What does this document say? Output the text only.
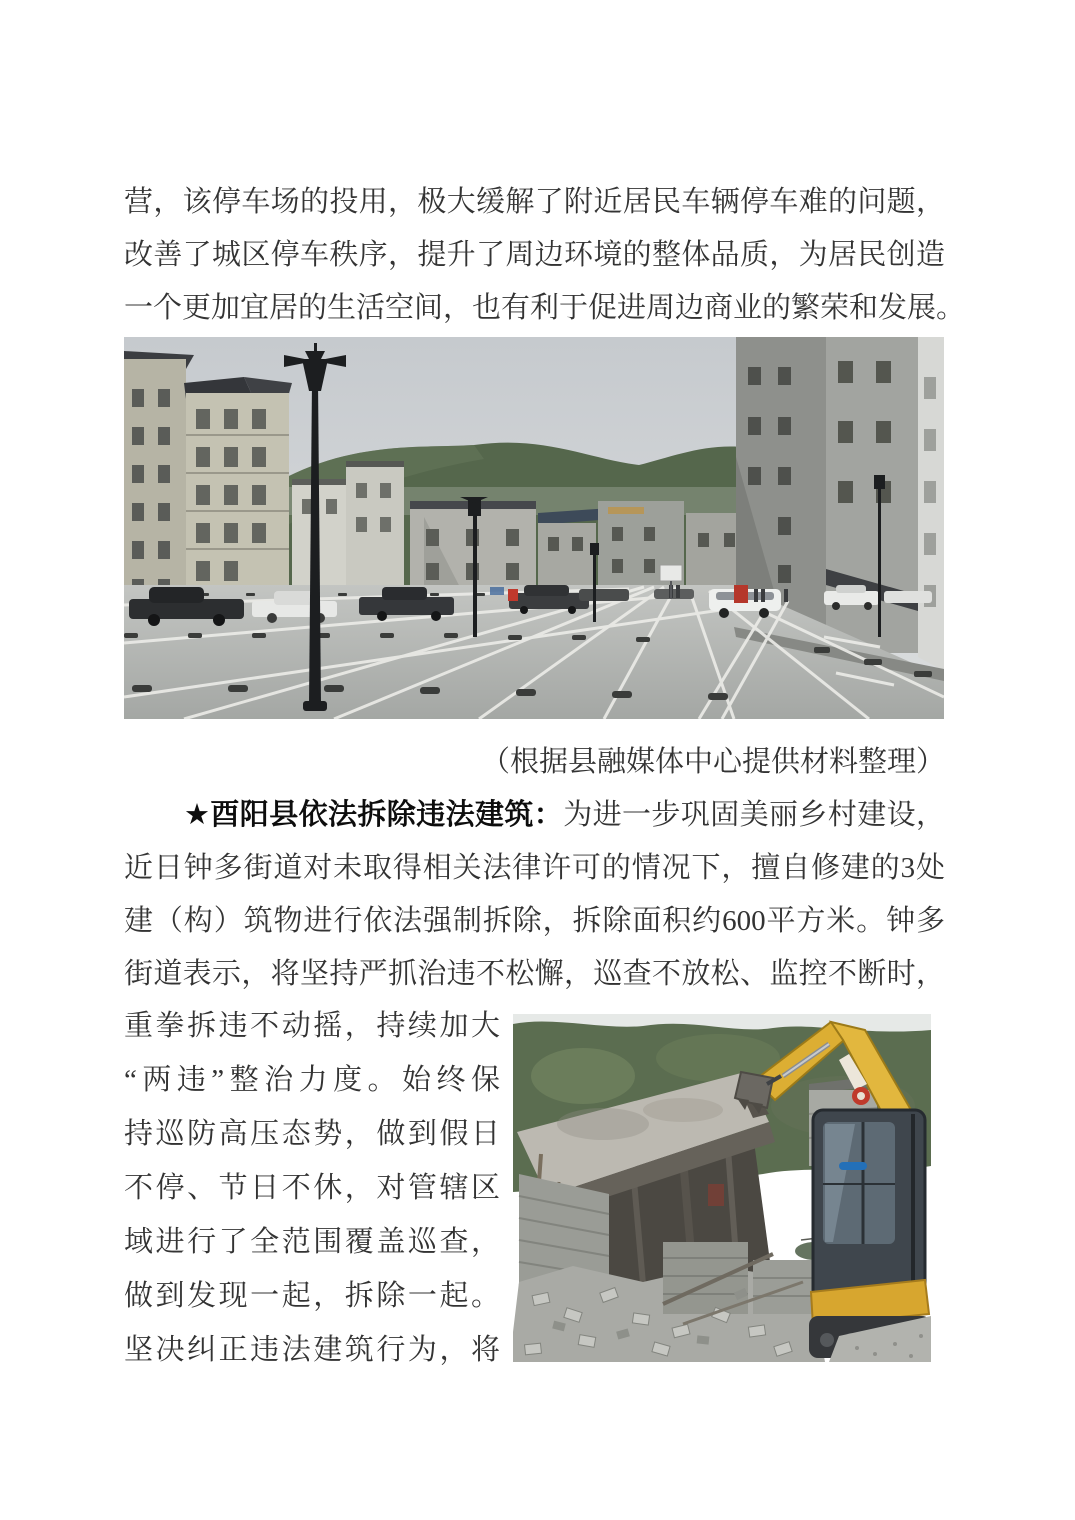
营，该停车场的投用，极大缓解了附近居民车辆停车难的问题，
改善了城区停车秩序，提升了周边环境的整体品质，为居民创造
一个更加宜居的生活空间，也有利于促进周边商业的繁荣和发展。
（根据县融媒体中心提供材料整理）
★酉阳县依法拆除违法建筑：为进一步巩固美丽乡村建设，
近日钟多街道对未取得相关法律许可的情况下，擅自修建的3处
建（构）筑物进行依法强制拆除，拆除面积约600平方米。钟多
街道表示，将坚持严抓治违不松懈，巡查不放松、监控不断时，
重拳拆违不动摇，持续加大
“两违”整治力度。始终保
持巡防高压态势，做到假日
不停、节日不休，对管辖区
域进行了全范围覆盖巡查，
做到发现一起，拆除一起。
坚决纠正违法建筑行为，将
